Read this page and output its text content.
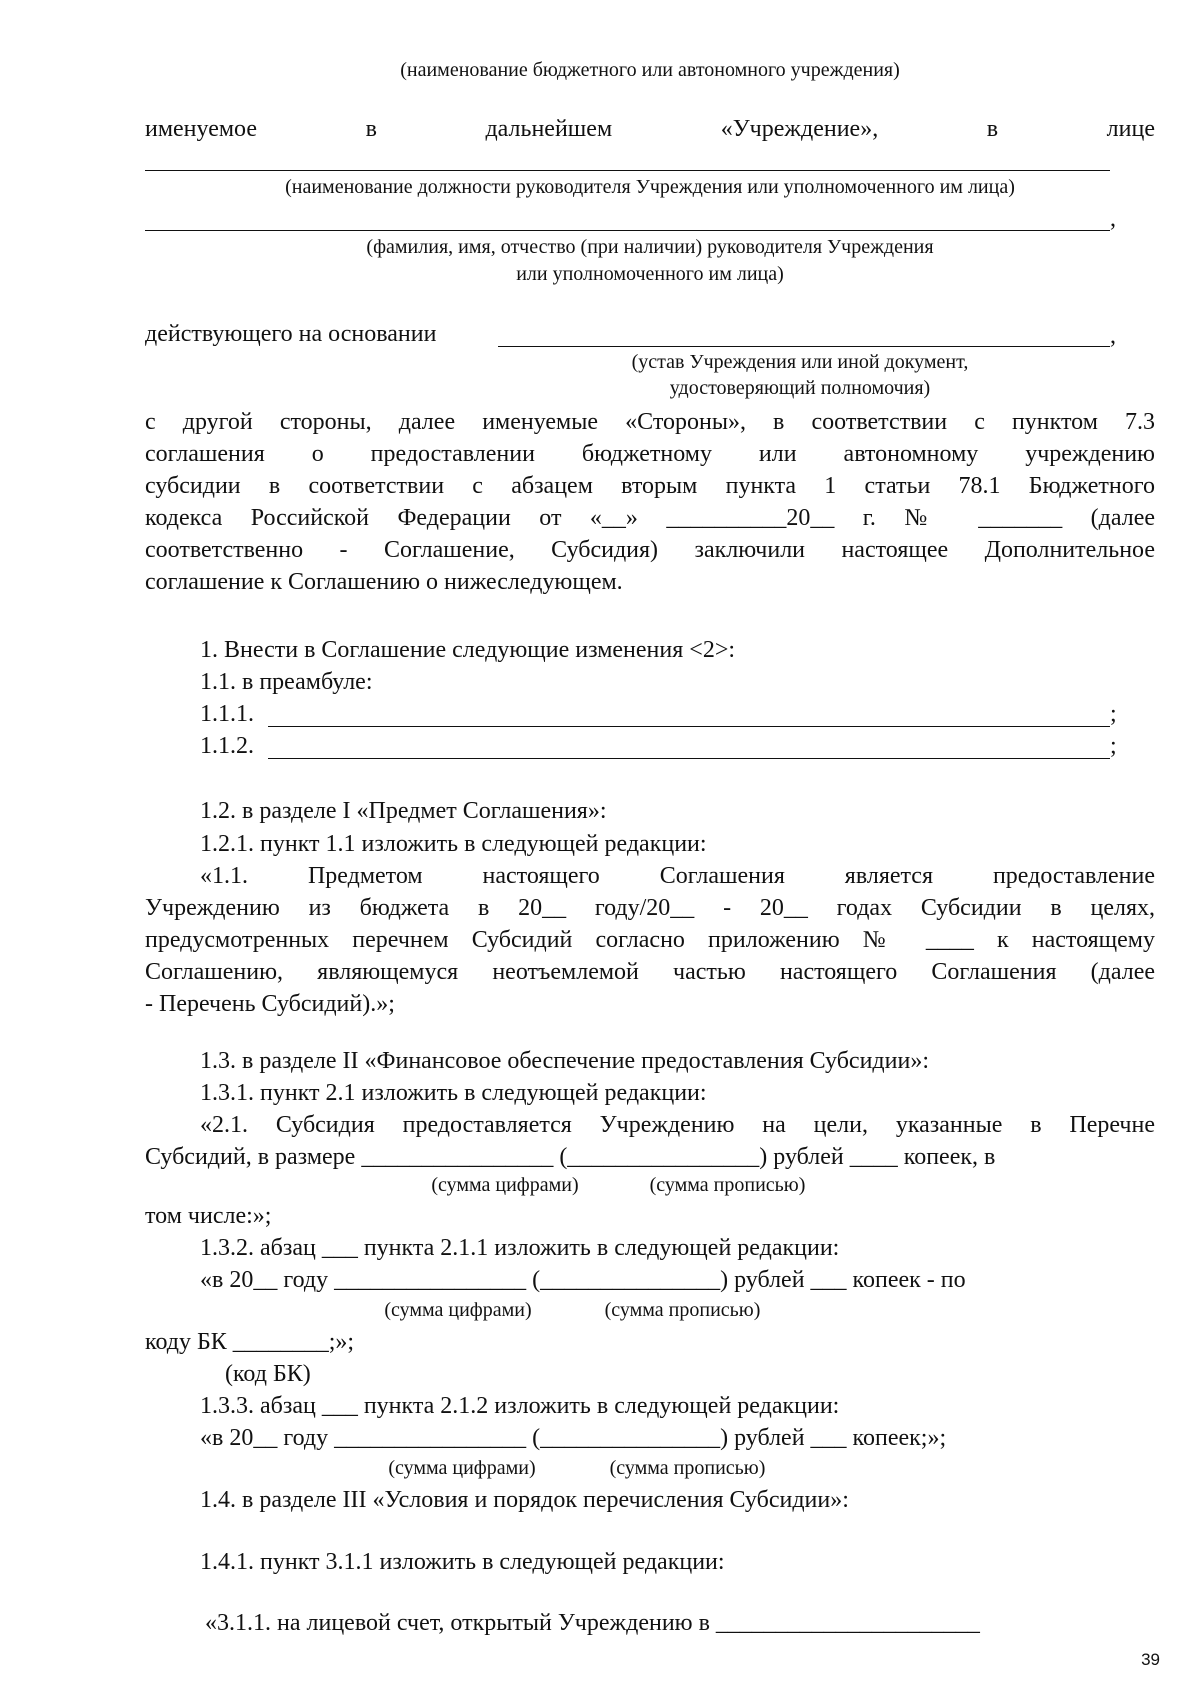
(наименование бюджетного или автономного учреждения)
именуемое	в	дальнейшем	«Учреждение»,	в	лице
(наименование должности руководителя Учреждения или уполномоченного им лица)
,
(фамилия, имя, отчество (при наличии) руководителя Учреждения
или уполномоченного им лица)
действующего на основании	,
(устав Учреждения или иной документ,
удостоверяющий полномочия)
с другой стороны, далее именуемые «Стороны», в соответствии с пунктом 7.3
соглашения о предоставлении бюджетному или автономному учреждению
субсидии в соответствии с абзацем вторым пункта 1 статьи 78.1 Бюджетного
кодекса Российской Федерации от «__» __________20__ г. № _______ (далее
соответственно - Соглашение, Субсидия) заключили настоящее Дополнительное
соглашение к Соглашению о нижеследующем.
1. Внести в Соглашение следующие изменения <2>:
1.1. в преамбуле:
1.1.1.	;
1.1.2.	;
1.2. в разделе I «Предмет Соглашения»:
1.2.1. пункт 1.1 изложить в следующей редакции:
«1.1. Предметом настоящего Соглашения является предоставление
Учреждению из бюджета в 20__ году/20__ - 20__ годах Субсидии в целях,
предусмотренных перечнем Субсидий согласно приложению № ____ к настоящему
Соглашению, являющемуся неотъемлемой частью настоящего Соглашения (далее
- Перечень Субсидий).»;
1.3. в разделе II «Финансовое обеспечение предоставления Субсидии»:
1.3.1. пункт 2.1 изложить в следующей редакции:
«2.1. Субсидия предоставляется Учреждению на цели, указанные в Перечне
Субсидий, в размере ________________ (________________) рублей ____ копеек, в
(сумма цифрами)	(сумма прописью)
том числе:»;
1.3.2. абзац ___ пункта 2.1.1 изложить в следующей редакции:
«в 20__ году ________________ (_______________) рублей ___ копеек - по
(сумма цифрами)	(сумма прописью)
коду БК ________;»;
(код БК)
1.3.3. абзац ___ пункта 2.1.2 изложить в следующей редакции:
«в 20__ году ________________ (_______________) рублей ___ копеек;»;
(сумма цифрами)	(сумма прописью)
1.4. в разделе III «Условия и порядок перечисления Субсидии»:
1.4.1. пункт 3.1.1 изложить в следующей редакции:
«3.1.1. на лицевой счет, открытый Учреждению в ______________________
39
